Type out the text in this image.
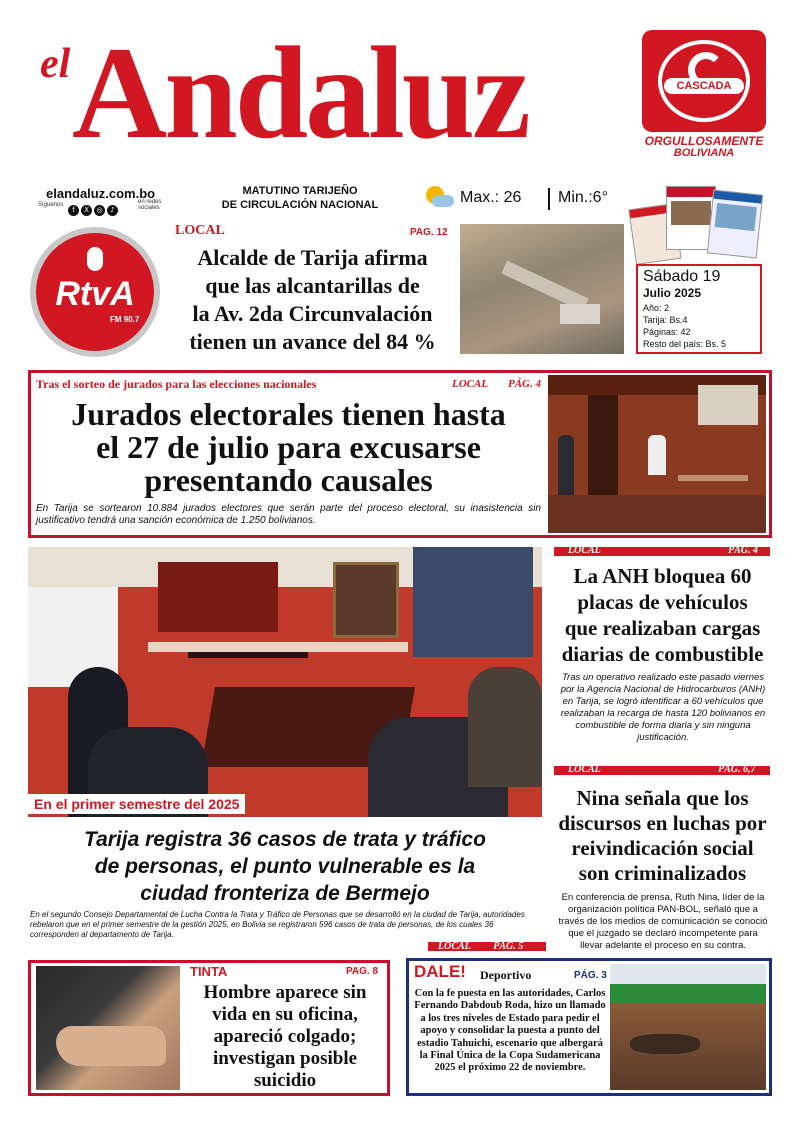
el Andaluz	CASCADA
ORGULLOSAMENTE
BOLIVIANA
elandaluz.com.bo
Síguenos
f X ◎ ♪
en redes sociales
MATUTINO TARIJEÑO
DE CIRCULACIÓN NACIONAL	Max.: 26 Min.:6°
RtvA
FM 90.7
LOCAL	PAG. 12
Alcalde de Tarija afirma
que las alcantarillas de
la Av. 2da Circunvalación
tienen un avance del 84 %
Sábado 19
Julio 2025
Año: 2
Tarija: Bs.4
Páginas: 42
Resto del país: Bs. 5
Tras el sorteo de jurados para las elecciones nacionales	LOCAL PÁG. 4
Jurados electorales tienen hasta
el 27 de julio para excusarse
presentando causales
En Tarija se sortearon 10.884 jurados electores que serán parte del proceso electoral, su inasistencia sin justificativo tendrá una sanción económica de 1.250 bolivianos.
En el primer semestre del 2025
Tarija registra 36 casos de trata y tráfico
de personas, el punto vulnerable es la
ciudad fronteriza de Bermejo
En el segundo Consejo Departamental de Lucha Contra la Trata y Tráfico de Personas que se desarrolló en la ciudad de Tarija, autoridades rebelaron que en el primer semestre de la gestión 2025, en Bolivia se registraron 596 casos de trata de personas, de los cuales 36 corresponden al departamento de Tarija.
LOCAL PÁG. 5
LOCAL	PÁG. 4
La ANH bloquea 60
placas de vehículos
que realizaban cargas
diarias de combustible
Tras un operativo realizado este pasado viernes por la Agencia Nacional de Hidrocarburos (ANH) en Tarija, se logró identificar a 60 vehículos que realizaban la recarga de hasta 120 bolivianos en combustible de forma diaria y sin ninguna justificación.
LOCAL	PÁG. 6,7
Nina señala que los
discursos en luchas por
reivindicación social
son criminalizados
En conferencia de prensa, Ruth Nina, líder de la organización política PAN-BOL, señaló que a través de los medios de comunicación se conoció que el juzgado se declaró incompetente para llevar adelante el proceso en su contra.
TINTA	PAG. 8
Hombre aparece sin
vida en su oficina,
apareció colgado;
investigan posible
suicidio
DALE! Deportivo	PÁG. 3
Con la fe puesta en las autoridades, Carlos Fernando Dabdoub Roda, hizo un llamado a los tres niveles de Estado para pedir el apoyo y consolidar la puesta a punto del estadio Tahuichi, escenario que albergará la Final Única de la Copa Sudamericana 2025 el próximo 22 de noviembre.
